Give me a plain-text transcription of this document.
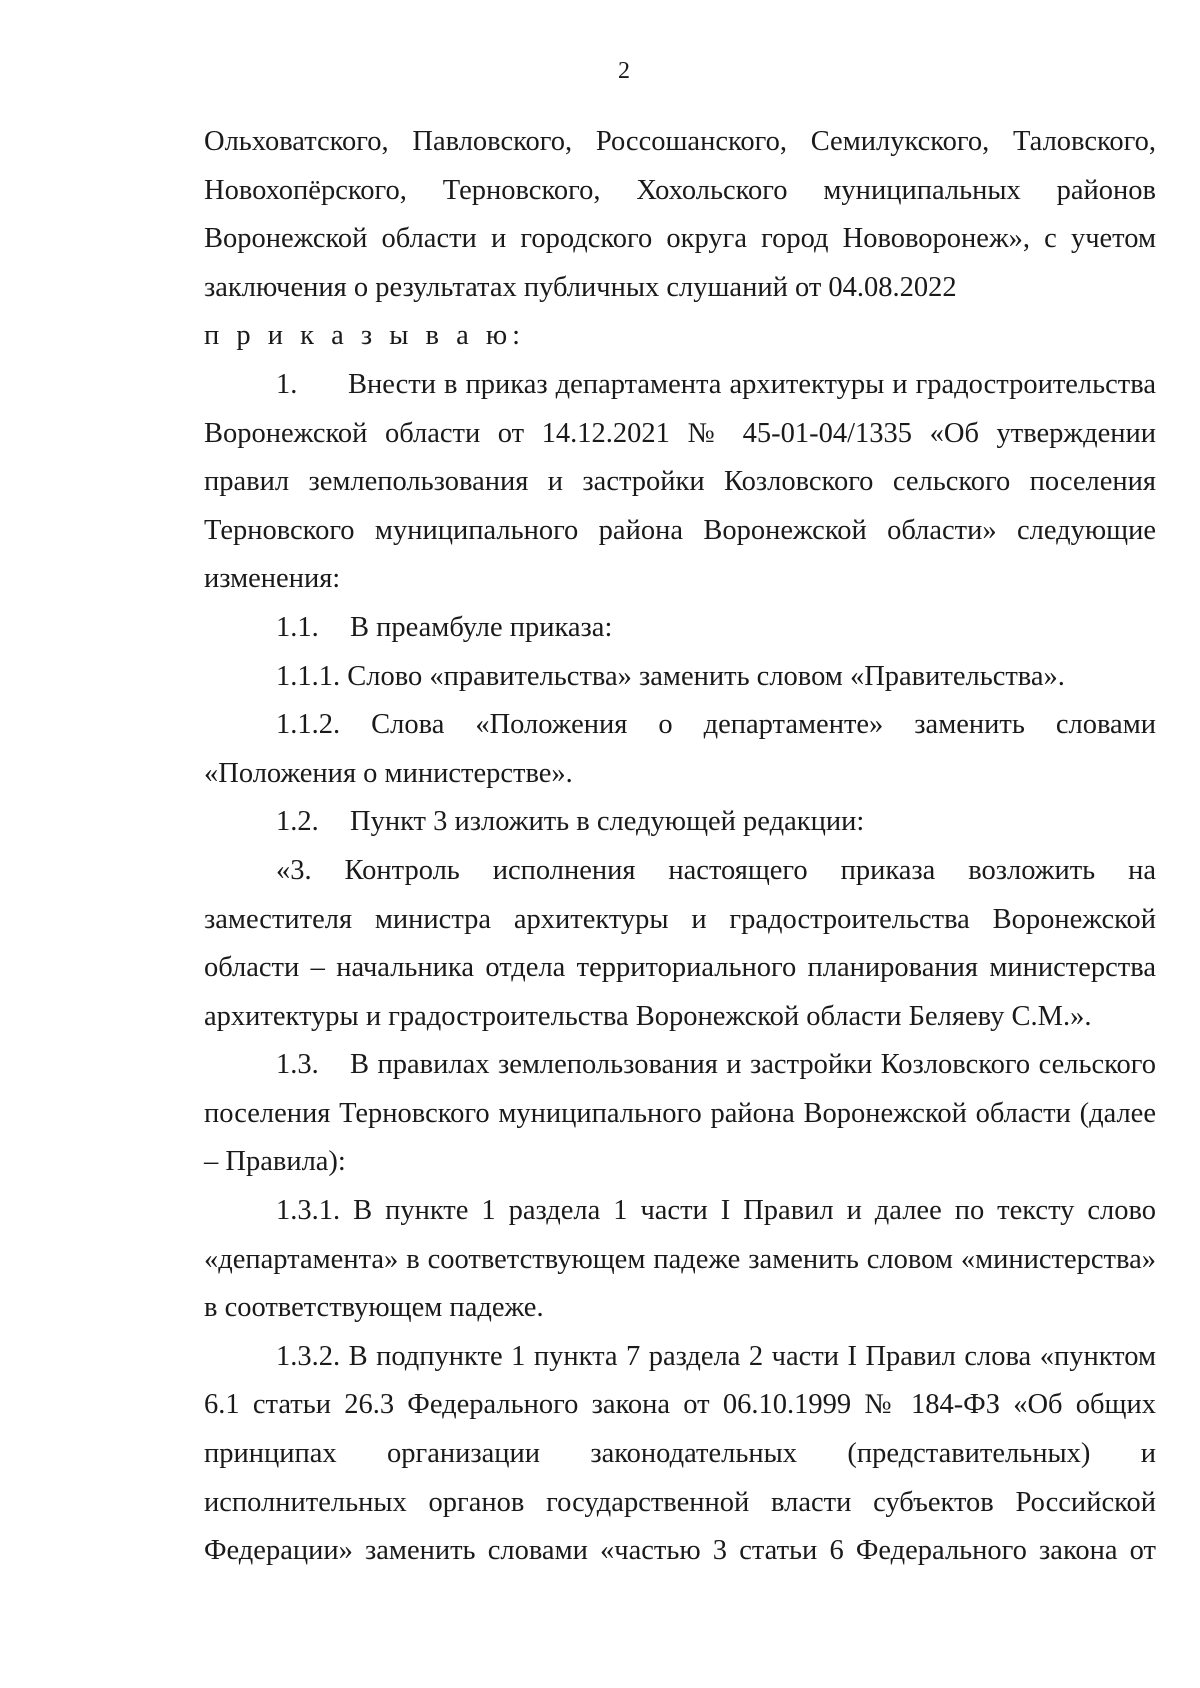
2

Ольховатского, Павловского, Россошанского, Семилукского, Таловского, Новохопёрского, Терновского, Хохольского муниципальных районов Воронежской области и городского округа город Нововоронеж», с учетом заключения о результатах публичных слушаний от 04.08.2022

п р и к а з ы в а ю:

1. Внести в приказ департамента архитектуры и градостроительства Воронежской области от 14.12.2021 № 45-01-04/1335 «Об утверждении правил землепользования и застройки Козловского сельского поселения Терновского муниципального района Воронежской области» следующие изменения:

1.1. В преамбуле приказа:

1.1.1. Слово «правительства» заменить словом «Правительства».

1.1.2. Слова «Положения о департаменте» заменить словами «Положения о министерстве».

1.2. Пункт 3 изложить в следующей редакции:

«3. Контроль исполнения настоящего приказа возложить на заместителя министра архитектуры и градостроительства Воронежской области – начальника отдела территориального планирования министерства архитектуры и градостроительства Воронежской области Беляеву С.М.».

1.3. В правилах землепользования и застройки Козловского сельского поселения Терновского муниципального района Воронежской области (далее – Правила):

1.3.1. В пункте 1 раздела 1 части I Правил и далее по тексту слово «департамента» в соответствующем падеже заменить словом «министерства» в соответствующем падеже.

1.3.2. В подпункте 1 пункта 7 раздела 2 части I Правил слова «пунктом 6.1 статьи 26.3 Федерального закона от 06.10.1999 № 184-ФЗ «Об общих принципах организации законодательных (представительных) и исполнительных органов государственной власти субъектов Российской Федерации» заменить словами «частью 3 статьи 6 Федерального закона от
